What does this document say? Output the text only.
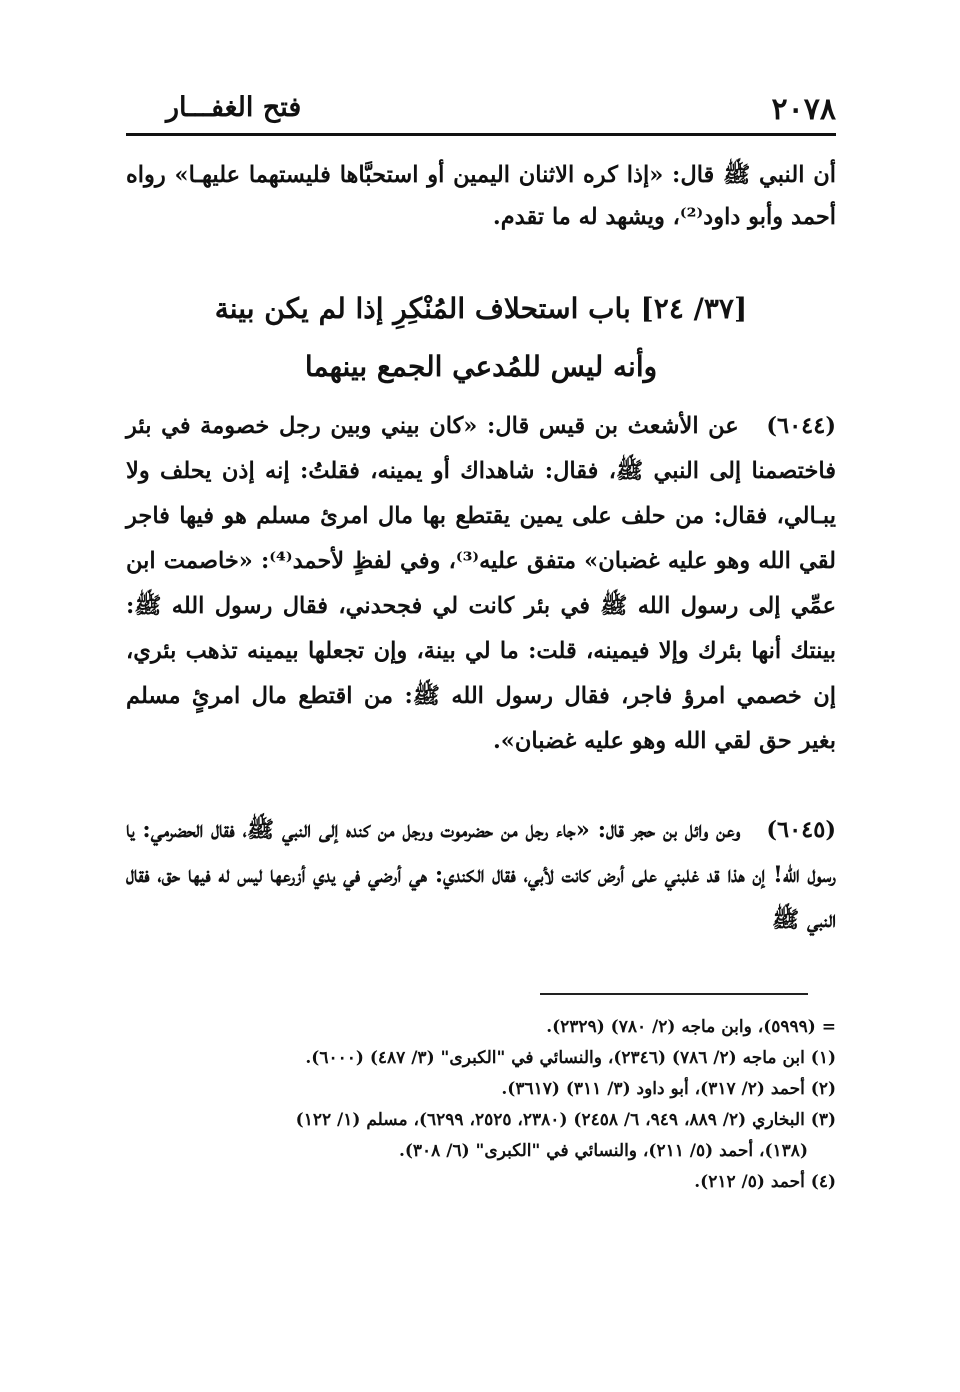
٢٠٧٨
فتح الغفـــار

أن النبي ﷺ قال: «إذا كره الاثنان اليمين أو استحبَّاها فليستهما عليهـا» رواه أحمد وأبو داود⁽²⁾، ويشهد له ما تقدم.

[٣٧/ ٢٤] باب استحلاف المُنْكِرِ إذا لم يكن بينة
وأنه ليس للمُدعي الجمع بينهما

(٦٠٤٤) عن الأشعث بن قيس قال: «كان بيني وبين رجل خصومة في بئر فاختصمنا إلى النبي ﷺ، فقال: شاهداك أو يمينه، فقلتُ: إنه إذن يحلف ولا يبـالي، فقال: من حلف على يمين يقتطع بها مال امرئ مسلم هو فيها فاجر لقي الله وهو عليه غضبان» متفق عليه⁽³⁾، وفي لفظٍ لأحمد⁽⁴⁾: «خاصمت ابن عمِّي إلى رسول الله ﷺ في بئر كانت لي فجحدني، فقال رسول الله ﷺ: بينتك أنها بئرك وإلا فيمينه، قلت: ما لي بينة، وإن تجعلها بيمينه تذهب بئري، إن خصمي امرؤ فاجر، فقال رسول الله ﷺ: من اقتطع مال امرئٍ مسلم بغير حق لقي الله وهو عليه غضبان».

(٦٠٤٥) وعن وائل بن حجر قال: «جاء رجل من حضرموت ورجل من كنده إلى النبي ﷺ، فقال الحضرمي: يا رسول الله! إن هذا قد غلبني على أرض كانت لأبي، فقال الكندي: هي أرضي في يدي أزرعها ليس له فيها حق، فقال النبي ﷺ

= (٥٩٩٩)، وابن ماجه (٢/ ٧٨٠) (٢٣٢٩).

(١) ابن ماجه (٢/ ٧٨٦) (٢٣٤٦)، والنسائي في "الكبرى" (٣/ ٤٨٧) (٦٠٠٠).

(٢) أحمد (٢/ ٣١٧)، أبو داود (٣/ ٣١١) (٣٦١٧).

(٣) البخاري (٢/ ٨٨٩، ٩٤٩، ٦/ ٢٤٥٨) (٢٣٨٠، ٢٥٢٥، ٦٢٩٩)، مسلم (١/ ١٢٢)

(١٣٨)، أحمد (٥/ ٢١١)، والنسائي في "الكبرى" (٦/ ٣٠٨).

(٤) أحمد (٥/ ٢١٢).
